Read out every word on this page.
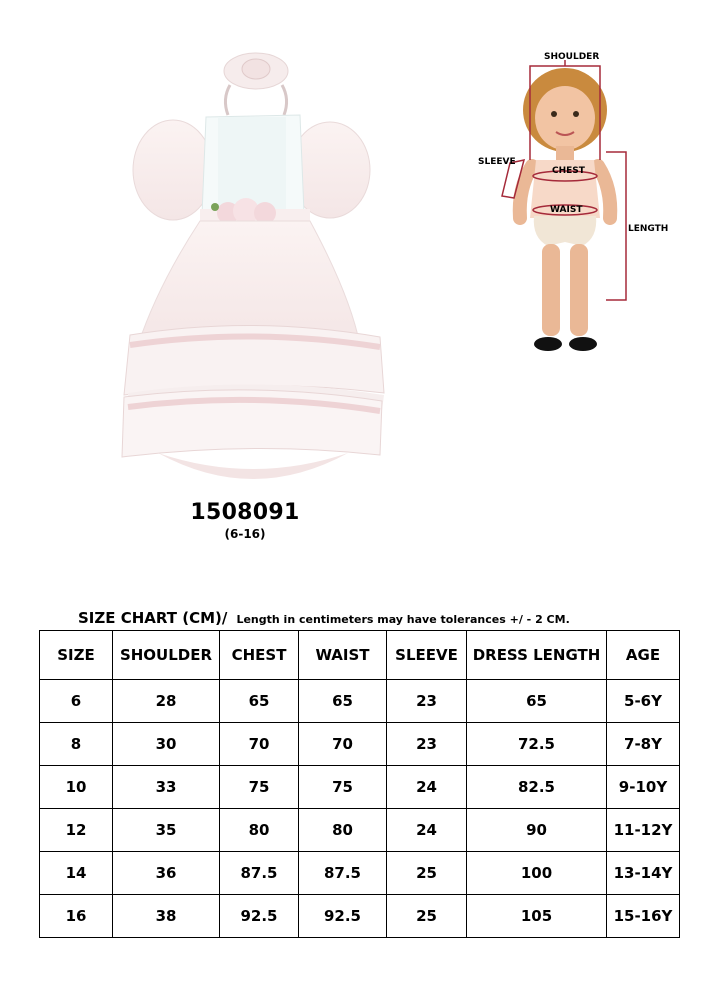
1508091
(6-16)
SHOULDER
SLEEVE
CHEST
WAIST
LENGTH
SIZE CHART (CM)/ Length in centimeters may have tolerances +/ - 2 CM.
SIZE	SHOULDER	CHEST	WAIST	SLEEVE	DRESS LENGTH	AGE
6	28	65	65	23	65	5-6Y
8	30	70	70	23	72.5	7-8Y
10	33	75	75	24	82.5	9-10Y
12	35	80	80	24	90	11-12Y
14	36	87.5	87.5	25	100	13-14Y
16	38	92.5	92.5	25	105	15-16Y
